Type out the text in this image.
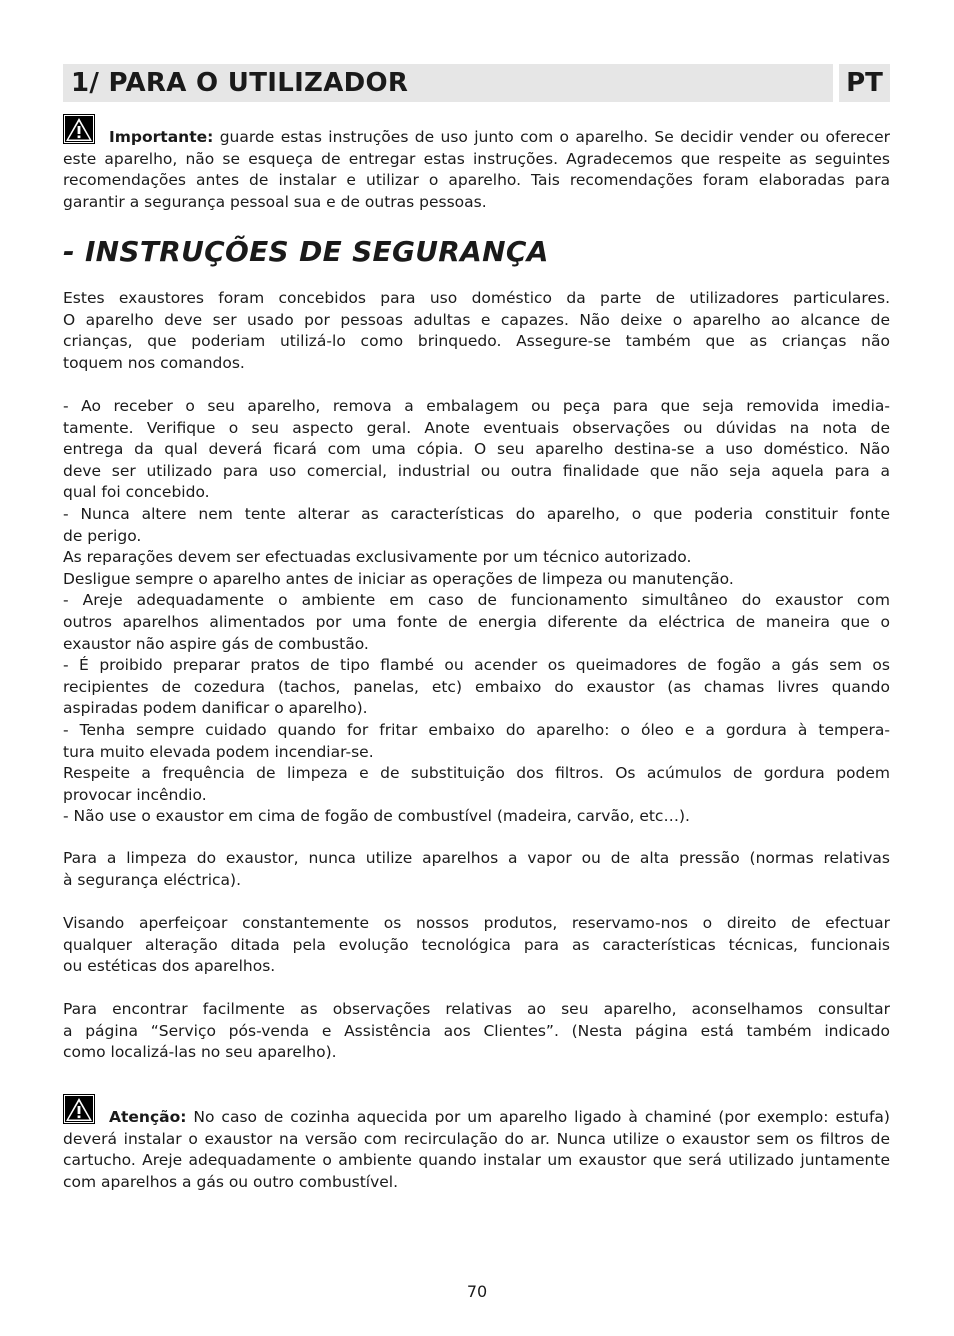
1/ PARA O UTILIZADOR	PT

Importante: guarde estas instruções de uso junto com o aparelho. Se decidir vender ou oferecer este aparelho, não se esqueça de entregar estas instruções. Agradecemos que respeite as seguintes recomendações antes de instalar e utilizar o aparelho. Tais recomendações foram elaboradas para garantir a segurança pessoal sua e de outras pessoas.

- INSTRUÇÕES DE SEGURANÇA
Estes exaustores foram concebidos para uso doméstico da parte de utilizadores particulares.
O aparelho deve ser usado por pessoas adultas e capazes. Não deixe o aparelho ao alcance de
crianças, que poderiam utilizá-lo como brinquedo. Assegure-se também que as crianças não
toquem nos comandos.
- Ao receber o seu aparelho, remova a embalagem ou peça para que seja removida imedia-
tamente. Verifique o seu aspecto geral. Anote eventuais observações ou dúvidas na nota de
entrega da qual deverá ficará com uma cópia. O seu aparelho destina-se a uso doméstico. Não
deve ser utilizado para uso comercial, industrial ou outra finalidade que não seja aquela para a
qual foi concebido.
- Nunca altere nem tente alterar as características do aparelho, o que poderia constituir fonte
de perigo.
As reparações devem ser efectuadas exclusivamente por um técnico autorizado.
Desligue sempre o aparelho antes de iniciar as operações de limpeza ou manutenção.
- Areje adequadamente o ambiente em caso de funcionamento simultâneo do exaustor com
outros aparelhos alimentados por uma fonte de energia diferente da eléctrica de maneira que o
exaustor não aspire gás de combustão.
- É proibido preparar pratos de tipo flambé ou acender os queimadores de fogão a gás sem os
recipientes de cozedura (tachos, panelas, etc) embaixo do exaustor (as chamas livres quando
aspiradas podem danificar o aparelho).
- Tenha sempre cuidado quando for fritar embaixo do aparelho: o óleo e a gordura à tempera-
tura muito elevada podem incendiar-se.
Respeite a frequência de limpeza e de substituição dos filtros. Os acúmulos de gordura podem
provocar incêndio.
- Não use o exaustor em cima de fogão de combustível (madeira, carvão, etc…).
Para a limpeza do exaustor, nunca utilize aparelhos a vapor ou de alta pressão (normas relativas
à segurança eléctrica).
Visando aperfeiçoar constantemente os nossos produtos, reservamo-nos o direito de efectuar
qualquer alteração ditada pela evolução tecnológica para as características técnicas, funcionais
ou estéticas dos aparelhos.
Para encontrar facilmente as observações relativas ao seu aparelho, aconselhamos consultar
a página “Serviço pós-venda e Assistência aos Clientes”. (Nesta página está também indicado
como localizá-las no seu aparelho).

Atenção: No caso de cozinha aquecida por um aparelho ligado à chaminé (por exemplo: estufa) deverá instalar o exaustor na versão com recirculação do ar. Nunca utilize o exaustor sem os filtros de cartucho. Areje adequadamente o ambiente quando instalar um exaustor que será utilizado juntamente com aparelhos a gás ou outro combustível.

70
